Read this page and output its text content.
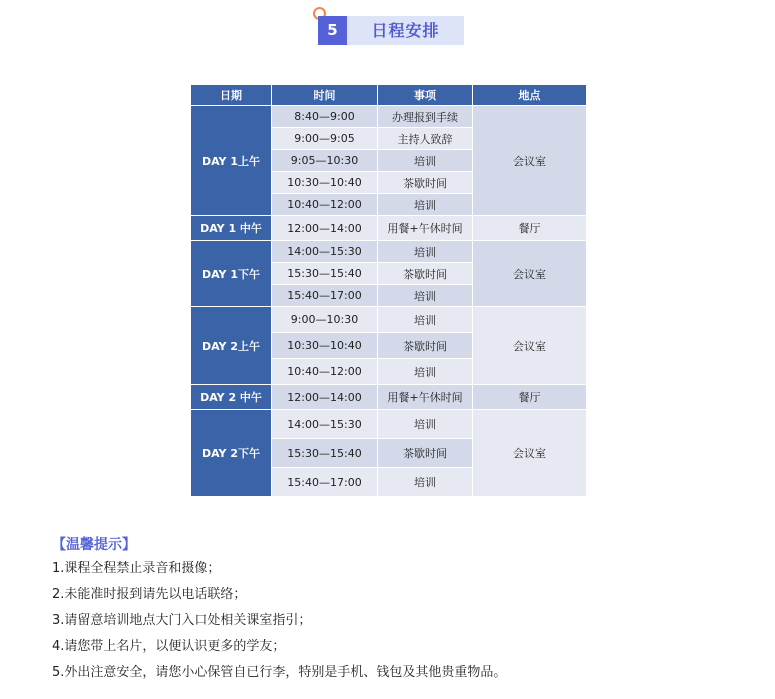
5	日程安排
日期	时间	事项	地点
DAY 1上午	8:40—9:00	办理报到手续	会议室
	9:00—9:05	主持人致辞	
	9:05—10:30	培训	
	10:30—10:40	茶歇时间	
	10:40—12:00	培训	
DAY 1 中午	12:00—14:00	用餐+午休时间	餐厅
DAY 1下午	14:00—15:30	培训	会议室
	15:30—15:40	茶歇时间	
	15:40—17:00	培训	
DAY 2上午	9:00—10:30	培训	会议室
	10:30—10:40	茶歇时间	
	10:40—12:00	培训	
DAY 2 中午	12:00—14:00	用餐+午休时间	餐厅
DAY 2下午	14:00—15:30	培训	会议室
	15:30—15:40	茶歇时间	
	15:40—17:00	培训	
【温馨提示】
1.课程全程禁止录音和摄像；
2.未能准时报到请先以电话联络；
3.请留意培训地点大门入口处相关课室指引；
4.请您带上名片，以便认识更多的学友；
5.外出注意安全，请您小心保管自已行李，特别是手机、钱包及其他贵重物品。
